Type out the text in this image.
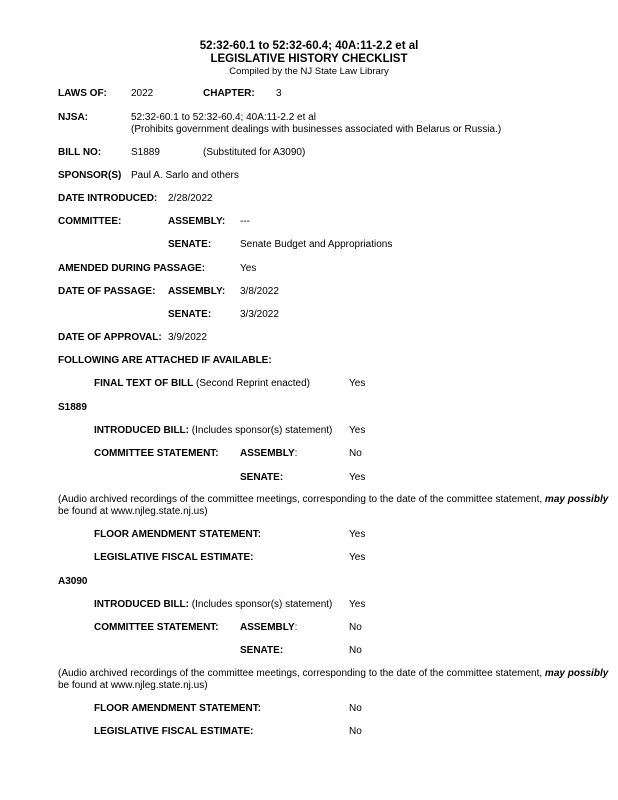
52:32-60.1 to 52:32-60.4; 40A:11-2.2 et al
LEGISLATIVE HISTORY CHECKLIST
Compiled by the NJ State Law Library
LAWS OF: 2022	CHAPTER: 3
NJSA:	52:32-60.1 to 52:32-60.4; 40A:11-2.2 et al
(Prohibits government dealings with businesses associated with Belarus or Russia.)
BILL NO:	S1889	(Substituted for A3090)
SPONSOR(S) Paul A. Sarlo and others
DATE INTRODUCED: 2/28/2022
COMMITTEE:	ASSEMBLY: ---
SENATE:	Senate Budget and Appropriations
AMENDED DURING PASSAGE:	Yes
DATE OF PASSAGE: ASSEMBLY: 3/8/2022
SENATE:	3/3/2022
DATE OF APPROVAL: 3/9/2022
FOLLOWING ARE ATTACHED IF AVAILABLE:
FINAL TEXT OF BILL (Second Reprint enacted)	Yes
S1889
INTRODUCED BILL: (Includes sponsor(s) statement) Yes
COMMITTEE STATEMENT: ASSEMBLY:	No
SENATE:	Yes
(Audio archived recordings of the committee meetings, corresponding to the date of the committee statement, may possibly
be found at www.njleg.state.nj.us)
FLOOR AMENDMENT STATEMENT:	Yes
LEGISLATIVE FISCAL ESTIMATE:	Yes
A3090
INTRODUCED BILL: (Includes sponsor(s) statement) Yes
COMMITTEE STATEMENT: ASSEMBLY:	No
SENATE:	No
(Audio archived recordings of the committee meetings, corresponding to the date of the committee statement, may possibly
be found at www.njleg.state.nj.us)
FLOOR AMENDMENT STATEMENT:	No
LEGISLATIVE FISCAL ESTIMATE:	No
